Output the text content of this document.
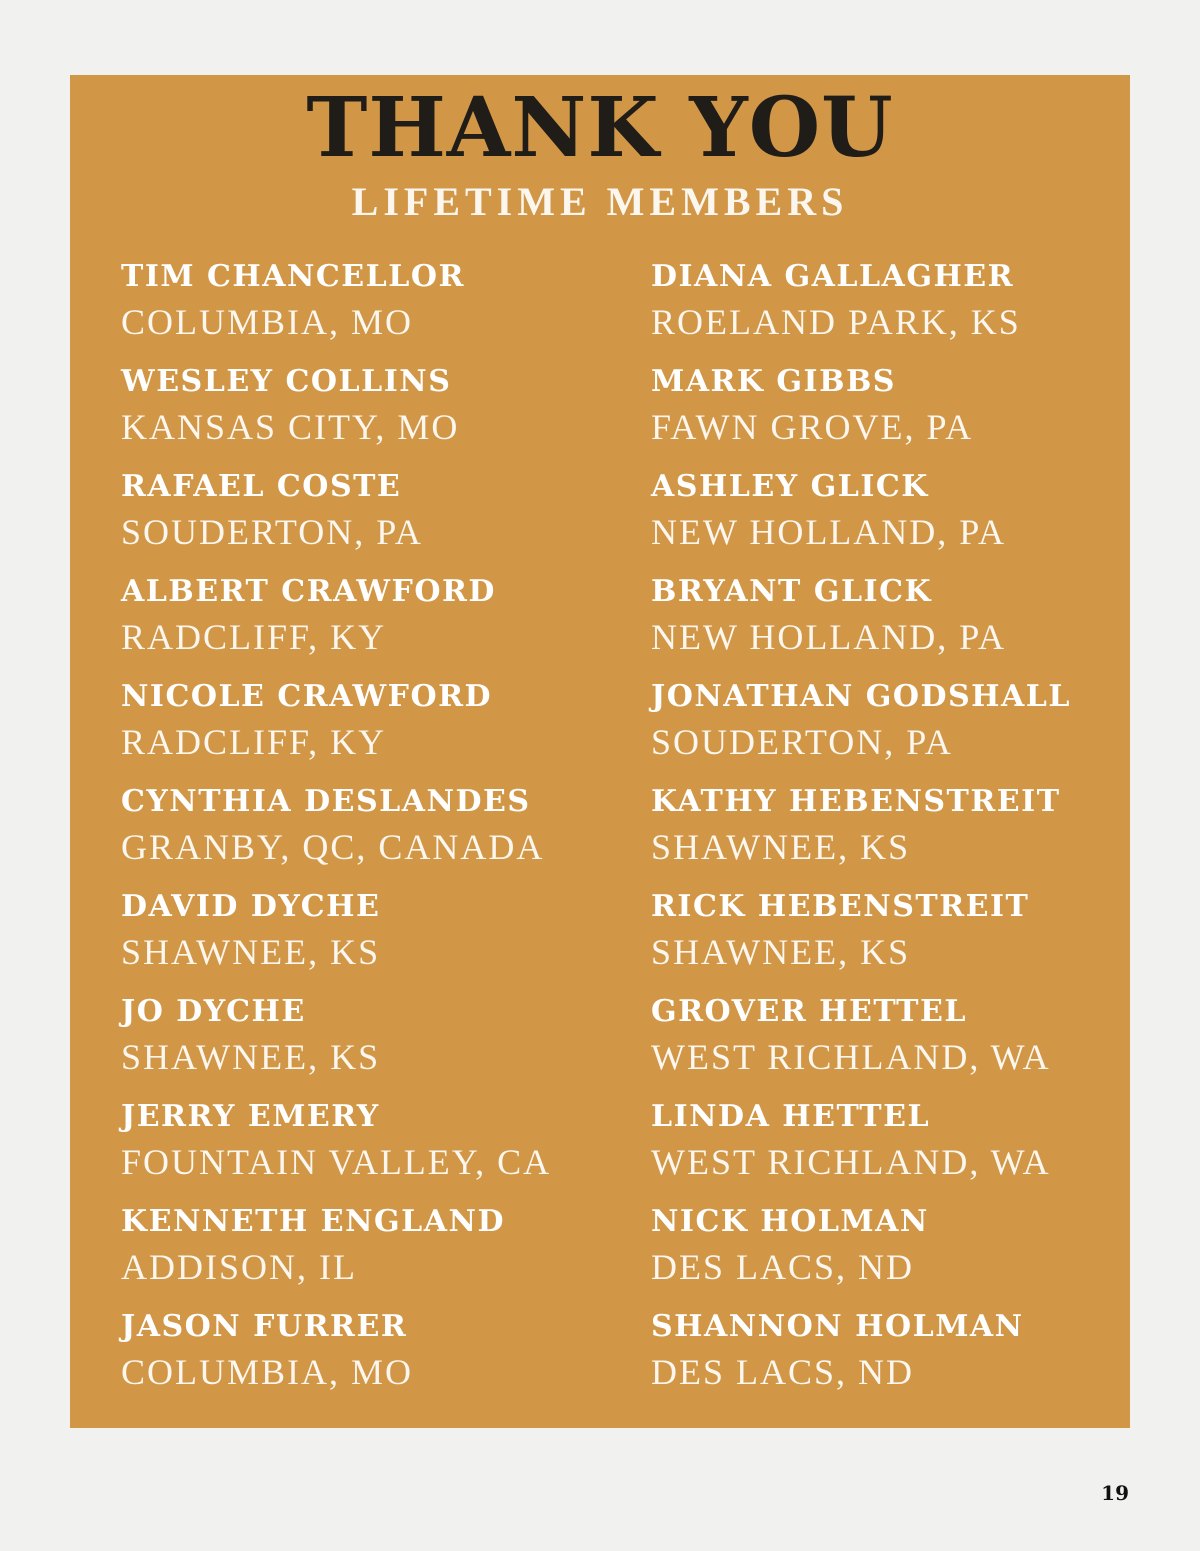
THANK YOU
LIFETIME MEMBERS
TIM CHANCELLOR
COLUMBIA, MO
WESLEY COLLINS
KANSAS CITY, MO
RAFAEL COSTE
SOUDERTON, PA
ALBERT CRAWFORD
RADCLIFF, KY
NICOLE CRAWFORD
RADCLIFF, KY
CYNTHIA DESLANDES
GRANBY, QC, CANADA
DAVID DYCHE
SHAWNEE, KS
JO DYCHE
SHAWNEE, KS
JERRY EMERY
FOUNTAIN VALLEY, CA
KENNETH ENGLAND
ADDISON, IL
JASON FURRER
COLUMBIA, MO
DIANA GALLAGHER
ROELAND PARK, KS
MARK GIBBS
FAWN GROVE, PA
ASHLEY GLICK
NEW HOLLAND, PA
BRYANT GLICK
NEW HOLLAND, PA
JONATHAN GODSHALL
SOUDERTON, PA
KATHY HEBENSTREIT
SHAWNEE, KS
RICK HEBENSTREIT
SHAWNEE, KS
GROVER HETTEL
WEST RICHLAND, WA
LINDA HETTEL
WEST RICHLAND, WA
NICK HOLMAN
DES LACS, ND
SHANNON HOLMAN
DES LACS, ND
19
